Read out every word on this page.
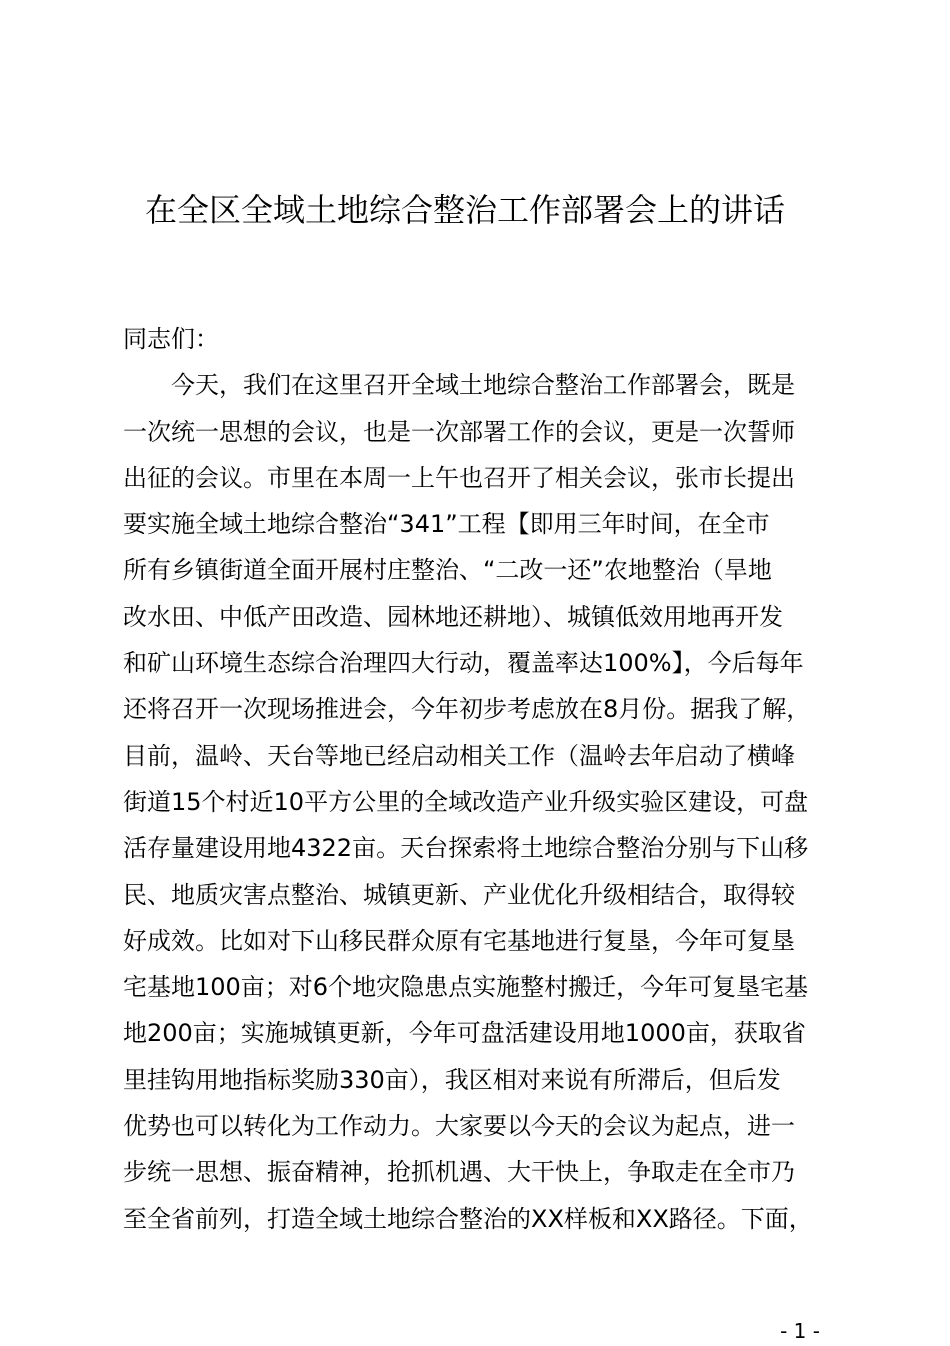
在全区全域土地综合整治工作部署会上的讲话
同志们：
今天，我们在这里召开全域土地综合整治工作部署会，既是
一次统一思想的会议，也是一次部署工作的会议，更是一次誓师
出征的会议。市里在本周一上午也召开了相关会议，张市长提出
要实施全域土地综合整治“341”工程【即用三年时间，在全市
所有乡镇街道全面开展村庄整治、“二改一还”农地整治（旱地
改水田、中低产田改造、园林地还耕地）、城镇低效用地再开发
和矿山环境生态综合治理四大行动，覆盖率达100%】，今后每年
还将召开一次现场推进会，今年初步考虑放在8月份。据我了解，
目前，温岭、天台等地已经启动相关工作（温岭去年启动了横峰
街道15个村近10平方公里的全域改造产业升级实验区建设，可盘
活存量建设用地4322亩。天台探索将土地综合整治分别与下山移
民、地质灾害点整治、城镇更新、产业优化升级相结合，取得较
好成效。比如对下山移民群众原有宅基地进行复垦，今年可复垦
宅基地100亩；对6个地灾隐患点实施整村搬迁，今年可复垦宅基
地200亩；实施城镇更新，今年可盘活建设用地1000亩，获取省
里挂钩用地指标奖励330亩），我区相对来说有所滞后，但后发
优势也可以转化为工作动力。大家要以今天的会议为起点，进一
步统一思想、振奋精神，抢抓机遇、大干快上，争取走在全市乃
至全省前列，打造全域土地综合整治的XX样板和XX路径。下面，
- 1 -
